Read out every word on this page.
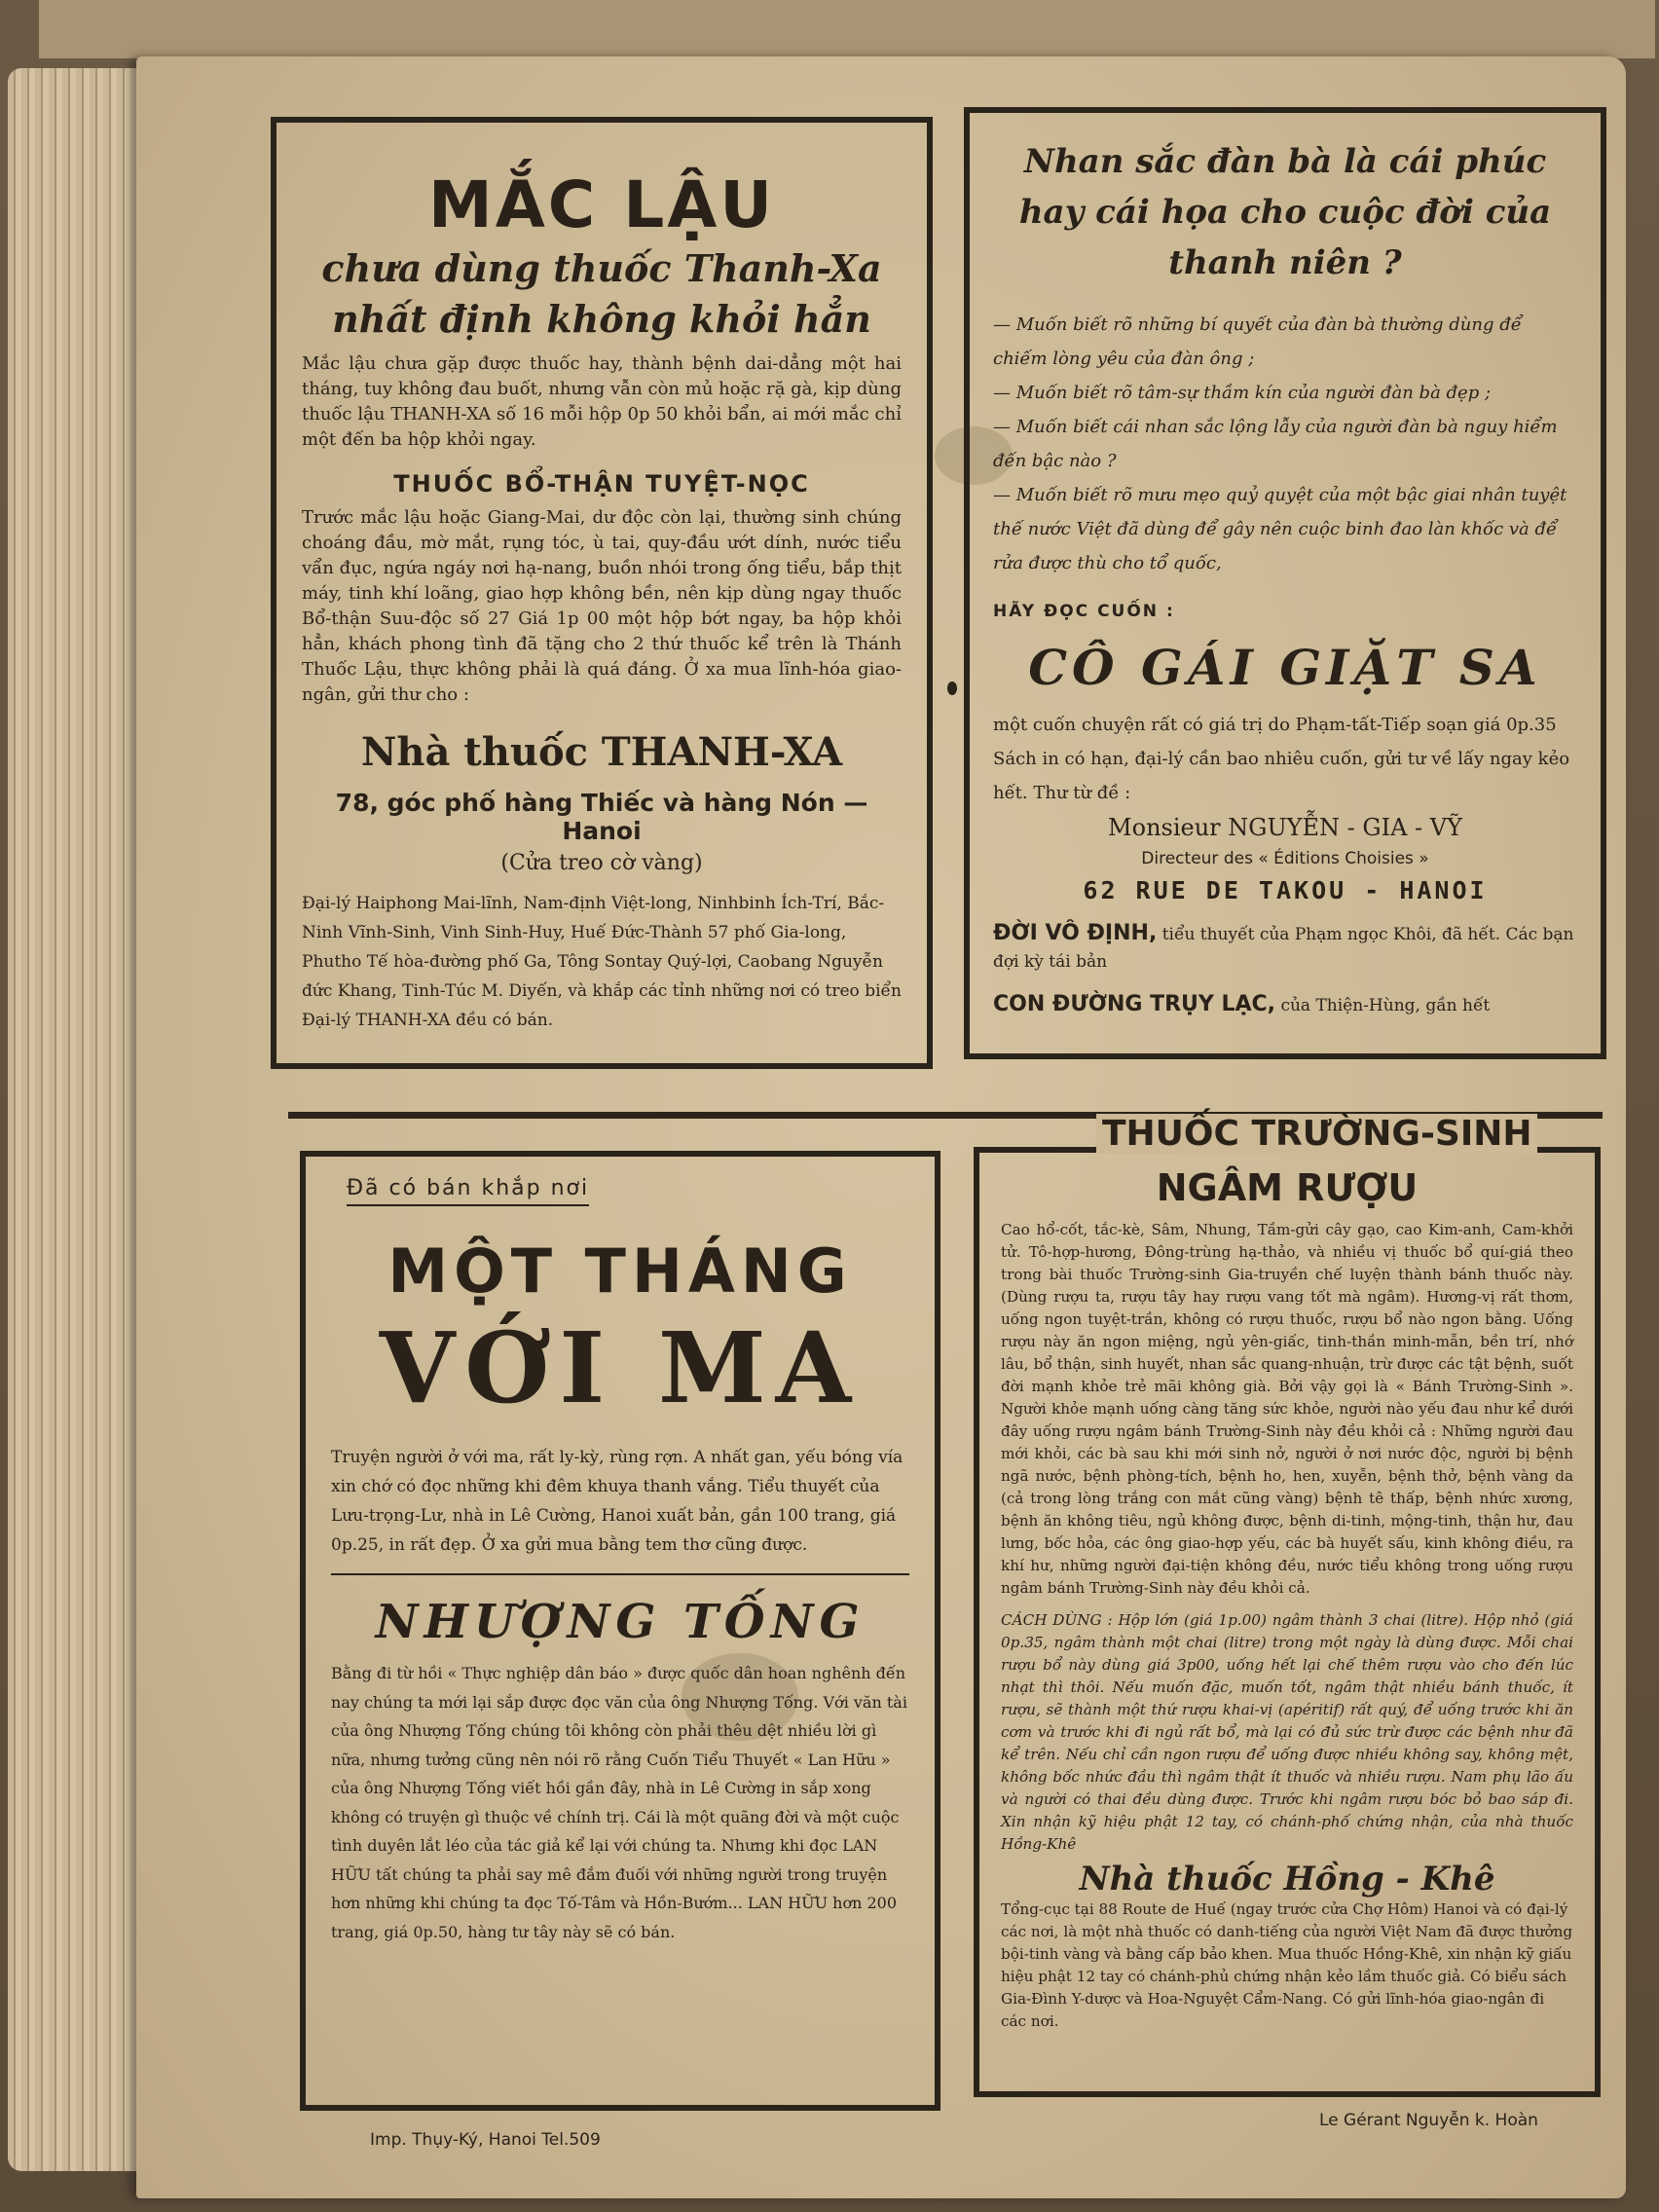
MẮC LẬU

chưa dùng thuốc Thanh-Xa

nhất định không khỏi hẳn

Mắc lậu chưa gặp được thuốc hay, thành bệnh dai-dẳng một hai tháng, tuy không đau buốt, nhưng vẫn còn mủ hoặc rặ gà, kịp dùng thuốc lậu THANH-XA số 16 mỗi hộp 0p 50 khỏi bẩn, ai mới mắc chỉ một đến ba hộp khỏi ngay.

THUỐC BỔ-THẬN TUYỆT-NỌC

Trước mắc lậu hoặc Giang-Mai, dư độc còn lại, thường sinh chúng choáng đầu, mờ mắt, rụng tóc, ù tai, quy-đầu ướt dính, nước tiểu vẩn đục, ngứa ngáy nơi hạ-nang, buồn nhói trong ống tiểu, bắp thịt máy, tinh khí loãng, giao hợp không bền, nên kịp dùng ngay thuốc Bổ-thận Suu-độc số 27 Giá 1p 00 một hộp bớt ngay, ba hộp khỏi hẳn, khách phong tình đã tặng cho 2 thứ thuốc kể trên là Thánh Thuốc Lậu, thực không phải là quá đáng. Ở xa mua lĩnh-hóa giao-ngân, gửi thư cho :

Nhà thuốc THANH-XA

78, góc phố hàng Thiếc và hàng Nón — Hanoi

(Cửa treo cờ vàng)

Đại-lý Haiphong Mai-lĩnh, Nam-định Việt-long, Ninhbinh Ích-Trí, Bắc-Ninh Vĩnh-Sinh, Vinh Sinh-Huy, Huế Đức-Thành 57 phố Gia-long, Phutho Tế hòa-đường phố Ga, Tông Sontay Quý-lợi, Caobang Nguyễn đức Khang, Tinh-Túc M. Diyến, và khắp các tỉnh những nơi có treo biển Đại-lý THANH-XA đều có bán.

Nhan sắc đàn bà là cái phúc hay cái họa cho cuộc đời của thanh niên ?

— Muốn biết rõ những bí quyết của đàn bà thường dùng để chiếm lòng yêu của đàn ông ;

— Muốn biết rõ tâm-sự thầm kín của người đàn bà đẹp ;

— Muốn biết cái nhan sắc lộng lẫy của người đàn bà nguy hiểm đến bậc nào ?

— Muốn biết rõ mưu mẹo quỷ quyệt của một bậc giai nhân tuyệt thế nước Việt đã dùng để gây nên cuộc binh đao làn khốc và để rửa được thù cho tổ quốc,

HÃY ĐỌC CUỐN :

CÔ GÁI GIẶT SA

một cuốn chuyện rất có giá trị do Phạm-tất-Tiếp soạn giá 0p.35 Sách in có hạn, đại-lý cần bao nhiêu cuốn, gửi tư về lấy ngay kẻo hết. Thư từ đề :

Monsieur NGUYỄN - GIA - VỸ

Directeur des « Éditions Choisies »

62 RUE DE TAKOU - HANOI

ĐỜI VÔ ĐỊNH, tiểu thuyết của Phạm ngọc Khôi, đã hết. Các bạn đợi kỳ tái bản

CON ĐƯỜNG TRỤY LẠC, của Thiện-Hùng, gần hết

Đã có bán khắp nơi

MỘT THÁNG

VỚI MA

Truyện người ở với ma, rất ly-kỳ, rùng rợn. A nhất gan, yếu bóng vía xin chớ có đọc những khi đêm khuya thanh vắng. Tiểu thuyết của Lưu-trọng-Lư, nhà in Lê Cường, Hanoi xuất bản, gần 100 trang, giá 0p.25, in rất đẹp. Ở xa gửi mua bằng tem thơ cũng được.

NHƯỢNG TỐNG

Bằng đi từ hồi « Thực nghiệp dân báo » được quốc dân hoan nghênh đến nay chúng ta mới lại sắp được đọc văn của ông Nhượng Tống. Với văn tài của ông Nhượng Tống chúng tôi không còn phải thêu dệt nhiều lời gì nữa, nhưng tưởng cũng nên nói rõ rằng Cuốn Tiểu Thuyết « Lan Hữu » của ông Nhượng Tống viết hồi gần đây, nhà in Lê Cường in sắp xong không có truyện gì thuộc về chính trị. Cái là một quãng đời và một cuộc tình duyên lắt léo của tác giả kể lại với chúng ta. Nhưng khi đọc LAN HỮU tất chúng ta phải say mê đắm đuối với những người trong truyện hơn những khi chúng ta đọc Tố-Tâm và Hồn-Bướm... LAN HỮU hơn 200 trang, giá 0p.50, hàng tư tây này sẽ có bán.

THUỐC TRƯỜNG-SINH

NGÂM RƯỢU

Cao hổ-cốt, tắc-kè, Sâm, Nhung, Tầm-gửi cây gạo, cao Kim-anh, Cam-khởi tử. Tô-hợp-hương, Đông-trùng hạ-thảo, và nhiều vị thuốc bổ quí-giá theo trong bài thuốc Trường-sinh Gia-truyền chế luyện thành bánh thuốc này. (Dùng rượu ta, rượu tây hay rượu vang tốt mà ngâm). Hương-vị rất thơm, uống ngon tuyệt-trần, không có rượu thuốc, rượu bổ nào ngon bằng. Uống rượu này ăn ngon miệng, ngủ yên-giấc, tinh-thần minh-mẫn, bền trí, nhớ lâu, bổ thận, sinh huyết, nhan sắc quang-nhuận, trừ được các tật bệnh, suốt đời mạnh khỏe trẻ mãi không già. Bởi vậy gọi là « Bánh Trường-Sinh ». Người khỏe mạnh uống càng tăng sức khỏe, người nào yếu đau như kể dưới đây uống rượu ngâm bánh Trường-Sinh này đều khỏi cả : Những người đau mới khỏi, các bà sau khi mới sinh nở, người ở nơi nước độc, người bị bệnh ngã nước, bệnh phòng-tích, bệnh ho, hen, xuyễn, bệnh thở, bệnh vàng da (cả trong lòng trắng con mắt cũng vàng) bệnh tê thấp, bệnh nhức xương, bệnh ăn không tiêu, ngủ không được, bệnh di-tinh, mộng-tinh, thận hư, đau lưng, bốc hỏa, các ông giao-hợp yếu, các bà huyết sấu, kinh không điều, ra khí hư, những người đại-tiện không đều, nước tiểu không trong uống rượu ngâm bánh Trường-Sinh này đều khỏi cả.

CÁCH DÙNG : Hộp lớn (giá 1p.00) ngâm thành 3 chai (litre). Hộp nhỏ (giá 0p.35, ngâm thành một chai (litre) trong một ngày là dùng được. Mỗi chai rượu bổ này dùng giá 3p00, uống hết lại chế thêm rượu vào cho đến lúc nhạt thì thôi. Nếu muốn đặc, muốn tốt, ngâm thật nhiều bánh thuốc, ít rượu, sẽ thành một thứ rượu khai-vị (apéritif) rất quý, để uống trước khi ăn cơm và trước khi đi ngủ rất bổ, mà lại có đủ sức trừ được các bệnh như đã kể trên. Nếu chỉ cần ngon rượu để uống được nhiều không say, không mệt, không bốc nhức đầu thì ngâm thật ít thuốc và nhiều rượu. Nam phụ lão ấu và người có thai đều dùng được. Trước khi ngâm rượu bóc bỏ bao sáp đi. Xin nhận kỹ hiệu phật 12 tay, có chánh-phố chứng nhận, của nhà thuốc Hồng-Khê

Nhà thuốc Hồng - Khê

Tổng-cục tại 88 Route de Huế (ngay trước cửa Chợ Hôm) Hanoi và có đại-lý các nơi, là một nhà thuốc có danh-tiếng của người Việt Nam đã được thưởng bội-tinh vàng và bằng cấp bảo khen. Mua thuốc Hồng-Khê, xin nhận kỹ giấu hiệu phật 12 tay có chánh-phủ chứng nhận kẻo lầm thuốc giả. Có biểu sách Gia-Đình Y-dược và Hoa-Nguyệt Cẩm-Nang. Có gửi lĩnh-hóa giao-ngân đi các nơi.

Imp. Thụy-Ký, Hanoi Tel.509

Le Gérant Nguyễn k. Hoàn
